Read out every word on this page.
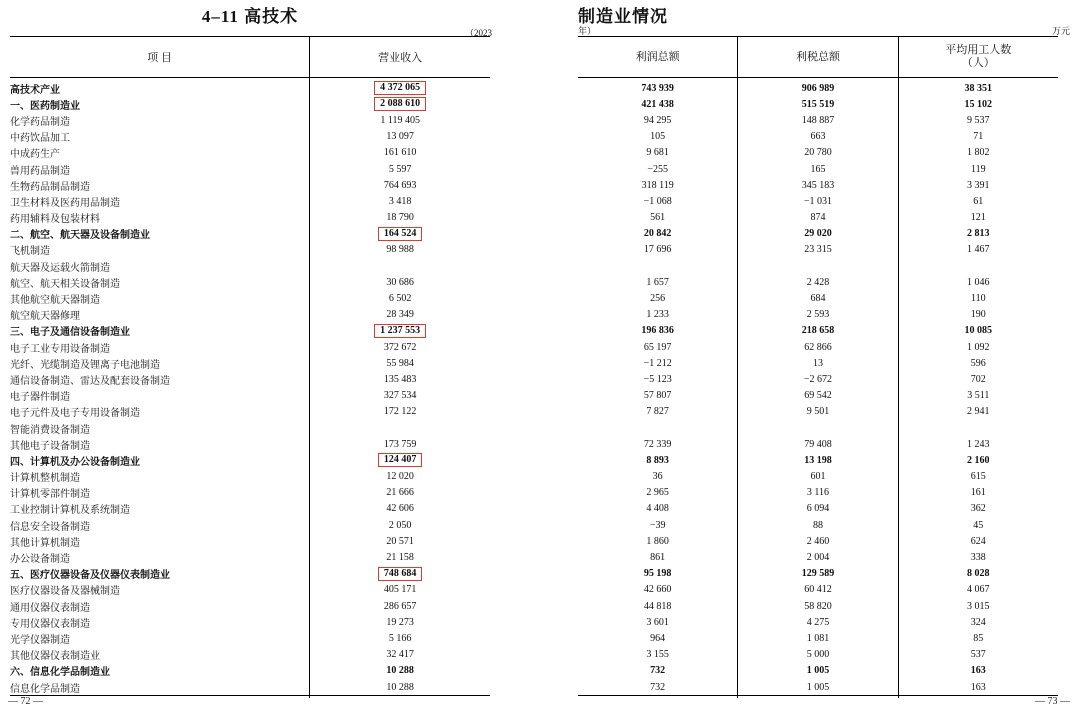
4–11 高技术
（2023
项 目	营业收入

高技术产业	4 372 065
一、医药制造业	2 088 610
化学药品制造	1 119 405
中药饮品加工	13 097
中成药生产	161 610
兽用药品制造	5 597
生物药品制品制造	764 693
卫生材料及医药用品制造	3 418
药用辅料及包装材料	18 790
二、航空、航天器及设备制造业	164 524
飞机制造	98 988
航天器及运载火箭制造	
航空、航天相关设备制造	30 686
其他航空航天器制造	6 502
航空航天器修理	28 349
三、电子及通信设备制造业	1 237 553
电子工业专用设备制造	372 672
光纤、光缆制造及锂离子电池制造	55 984
通信设备制造、雷达及配套设备制造	135 483
电子器件制造	327 534
电子元件及电子专用设备制造	172 122
智能消费设备制造	
其他电子设备制造	173 759
四、计算机及办公设备制造业	124 407
计算机整机制造	12 020
计算机零部件制造	21 666
工业控制计算机及系统制造	42 606
信息安全设备制造	2 050
其他计算机制造	20 571
办公设备制造	21 158
五、医疗仪器设备及仪器仪表制造业	748 684
医疗仪器设备及器械制造	405 171
通用仪器仪表制造	286 657
专用仪器仪表制造	19 273
光学仪器制造	5 166
其他仪器仪表制造业	32 417
六、信息化学品制造业	10 288
信息化学品制造	10 288

— 72 —
制造业情况
年）	万元
利润总额	利税总额	平均用工人数
（人）

743 939	906 989	38 351
421 438	515 519	15 102
94 295	148 887	9 537
105	663	71
9 681	20 780	1 802
−255	165	119
318 119	345 183	3 391
−1 068	−1 031	61
561	874	121
20 842	29 020	2 813
17 696	23 315	1 467

1 657	2 428	1 046
256	684	110
1 233	2 593	190
196 836	218 658	10 085
65 197	62 866	1 092
−1 212	13	596
−5 123	−2 672	702
57 807	69 542	3 511
7 827	9 501	2 941

72 339	79 408	1 243
8 893	13 198	2 160
36	601	615
2 965	3 116	161
4 408	6 094	362
−39	88	45
1 860	2 460	624
861	2 004	338
95 198	129 589	8 028
42 660	60 412	4 067
44 818	58 820	3 015
3 601	4 275	324
964	1 081	85
3 155	5 000	537
732	1 005	163
732	1 005	163

— 73 —
